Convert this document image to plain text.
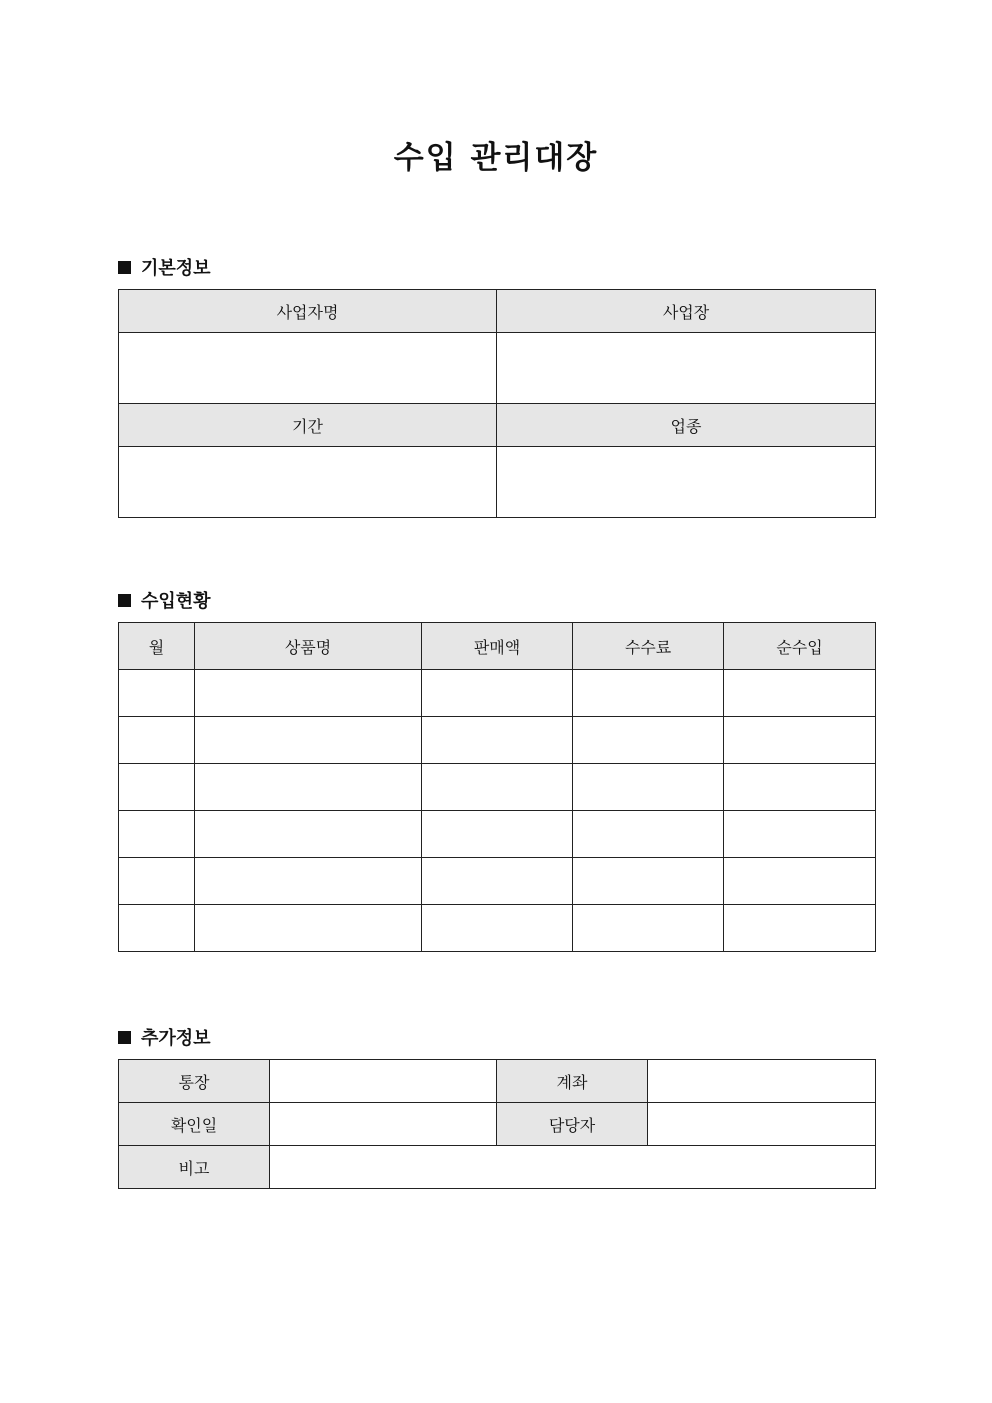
수입 관리대장
기본정보
사업자명	사업장

기간	업종

수입현황
월	상품명	판매액	수수료	순수입

추가정보
통장		계좌	
확인일		담당자	
비고			
